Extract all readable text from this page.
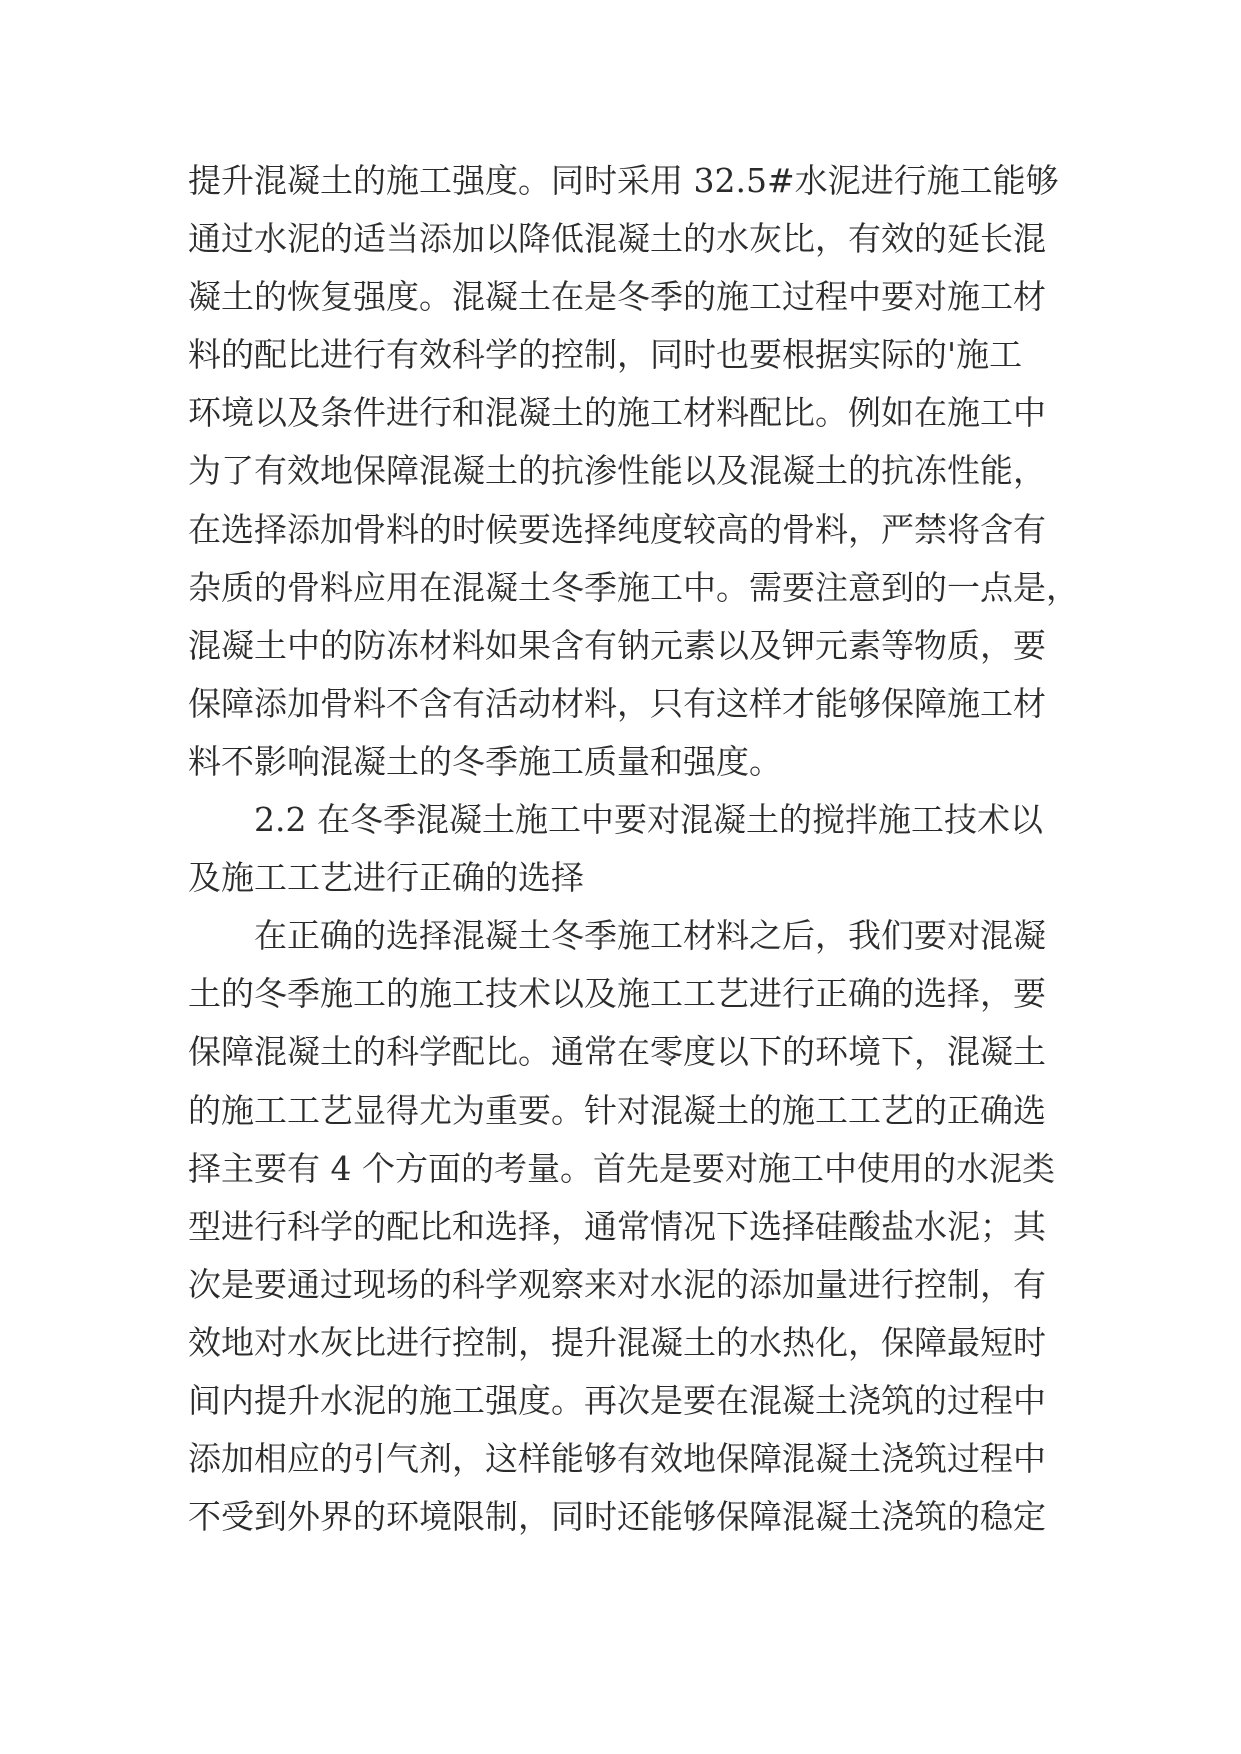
提升混凝土的施工强度。同时采用 32.5#水泥进行施工能够
通过水泥的适当添加以降低混凝土的水灰比，有效的延长混
凝土的恢复强度。混凝土在是冬季的施工过程中要对施工材
料的配比进行有效科学的控制，同时也要根据实际的'施工
环境以及条件进行和混凝土的施工材料配比。例如在施工中
为了有效地保障混凝土的抗渗性能以及混凝土的抗冻性能，
在选择添加骨料的时候要选择纯度较高的骨料，严禁将含有
杂质的骨料应用在混凝土冬季施工中。需要注意到的一点是，
混凝土中的防冻材料如果含有钠元素以及钾元素等物质，要
保障添加骨料不含有活动材料，只有这样才能够保障施工材
料不影响混凝土的冬季施工质量和强度。
2.2 在冬季混凝土施工中要对混凝土的搅拌施工技术以
及施工工艺进行正确的选择
在正确的选择混凝土冬季施工材料之后，我们要对混凝
土的冬季施工的施工技术以及施工工艺进行正确的选择，要
保障混凝土的科学配比。通常在零度以下的环境下，混凝土
的施工工艺显得尤为重要。针对混凝土的施工工艺的正确选
择主要有 4 个方面的考量。首先是要对施工中使用的水泥类
型进行科学的配比和选择，通常情况下选择硅酸盐水泥；其
次是要通过现场的科学观察来对水泥的添加量进行控制，有
效地对水灰比进行控制，提升混凝土的水热化，保障最短时
间内提升水泥的施工强度。再次是要在混凝土浇筑的过程中
添加相应的引气剂，这样能够有效地保障混凝土浇筑过程中
不受到外界的环境限制，同时还能够保障混凝土浇筑的稳定
